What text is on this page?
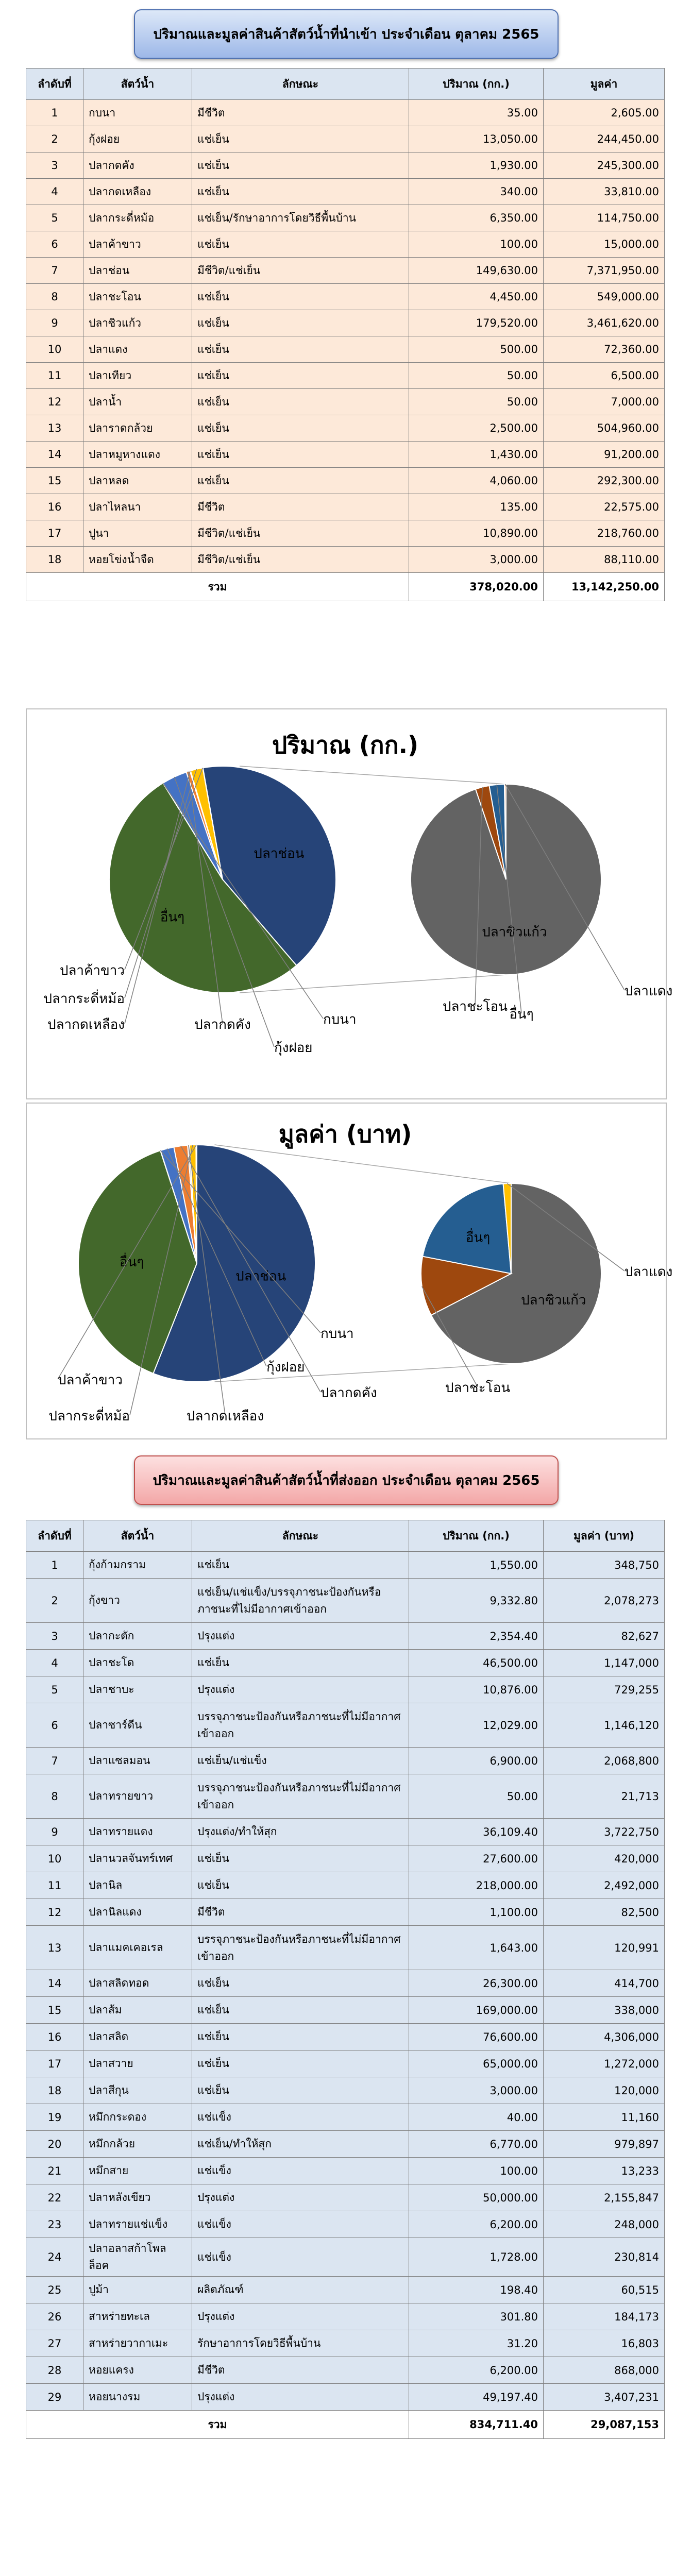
ปริมาณและมูลค่าสินค้าสัตว์น้ำที่นำเข้า ประจำเดือน ตุลาคม 2565
ลำดับที่	สัตว์น้ำ	ลักษณะ	ปริมาณ (กก.)	มูลค่า
1	กบนา	มีชีวิต	35.00	2,605.00
2	กุ้งฝอย	แช่เย็น	13,050.00	244,450.00
3	ปลากดคัง	แช่เย็น	1,930.00	245,300.00
4	ปลากดเหลือง	แช่เย็น	340.00	33,810.00
5	ปลากระดี่หม้อ	แช่เย็น/รักษาอาการโดยวิธีพื้นบ้าน	6,350.00	114,750.00
6	ปลาค้าขาว	แช่เย็น	100.00	15,000.00
7	ปลาช่อน	มีชีวิต/แช่เย็น	149,630.00	7,371,950.00
8	ปลาชะโอน	แช่เย็น	4,450.00	549,000.00
9	ปลาซิวแก้ว	แช่เย็น	179,520.00	3,461,620.00
10	ปลาแดง	แช่เย็น	500.00	72,360.00
11	ปลาเทียว	แช่เย็น	50.00	6,500.00
12	ปลาน้ำ	แช่เย็น	50.00	7,000.00
13	ปลาราดกล้วย	แช่เย็น	2,500.00	504,960.00
14	ปลาหมูหางแดง	แช่เย็น	1,430.00	91,200.00
15	ปลาหลด	แช่เย็น	4,060.00	292,300.00
16	ปลาไหลนา	มีชีวิต	135.00	22,575.00
17	ปูนา	มีชีวิต/แช่เย็น	10,890.00	218,760.00
18	หอยโข่งน้ำจืด	มีชีวิต/แช่เย็น	3,000.00	88,110.00
รวม			378,020.00	13,142,250.00
ปริมาณ (กก.)
ปลาช่อน
อื่นๆ
กบนา
กุ้งฝอย
ปลากดคัง
ปลากดเหลือง
ปลากระดี่หม้อ
ปลาค้าขาว
ปลาซิวแก้ว
ปลาชะโอน อื่นๆ
ปลาแดง
มูลค่า (บาท)
ปลาช่อน
อื่นๆ
กบนา
กุ้งฝอย
ปลากดคัง
ปลากดเหลือง
ปลากระดี่หม้อ
ปลาค้าขาว
ปลาซิวแก้ว
ปลาชะโอน
อื่นๆ
ปลาแดง
ปริมาณและมูลค่าสินค้าสัตว์น้ำที่ส่งออก ประจำเดือน ตุลาคม 2565
ลำดับที่	สัตว์น้ำ	ลักษณะ	ปริมาณ (กก.)	มูลค่า (บาท)
1	กุ้งก้ามกราม	แช่เย็น	1,550.00	348,750
2	กุ้งขาว	แช่เย็น/แช่แข็ง/บรรจุภาชนะป้องกันหรือภาชนะที่ไม่มีอากาศเข้าออก	9,332.80	2,078,273
3	ปลากะตัก	ปรุงแต่ง	2,354.40	82,627
4	ปลาชะโด	แช่เย็น	46,500.00	1,147,000
5	ปลาชาบะ	ปรุงแต่ง	10,876.00	729,255
6	ปลาซาร์ดีน	บรรจุภาชนะป้องกันหรือภาชนะที่ไม่มีอากาศเข้าออก	12,029.00	1,146,120
7	ปลาแซลมอน	แช่เย็น/แช่แข็ง	6,900.00	2,068,800
8	ปลาทรายขาว	บรรจุภาชนะป้องกันหรือภาชนะที่ไม่มีอากาศเข้าออก	50.00	21,713
9	ปลาทรายแดง	ปรุงแต่ง/ทำให้สุก	36,109.40	3,722,750
10	ปลานวลจันทร์เทศ	แช่เย็น	27,600.00	420,000
11	ปลานิล	แช่เย็น	218,000.00	2,492,000
12	ปลานิลแดง	มีชีวิต	1,100.00	82,500
13	ปลาแมคเคอเรล	บรรจุภาชนะป้องกันหรือภาชนะที่ไม่มีอากาศเข้าออก	1,643.00	120,991
14	ปลาสลิดทอด	แช่เย็น	26,300.00	414,700
15	ปลาส้ม	แช่เย็น	169,000.00	338,000
16	ปลาสลิด	แช่เย็น	76,600.00	4,306,000
17	ปลาสวาย	แช่เย็น	65,000.00	1,272,000
18	ปลาสีกุน	แช่เย็น	3,000.00	120,000
19	หมึกกระดอง	แช่แข็ง	40.00	11,160
20	หมึกกล้วย	แช่เย็น/ทำให้สุก	6,770.00	979,897
21	หมึกสาย	แช่แข็ง	100.00	13,233
22	ปลาหลังเขียว	ปรุงแต่ง	50,000.00	2,155,847
23	ปลาทรายแช่แข็ง	แช่แข็ง	6,200.00	248,000
24	ปลาอลาสก้าโพลล็อค	แช่แข็ง	1,728.00	230,814
25	ปูม้า	ผลิตภัณฑ์	198.40	60,515
26	สาหร่ายทะเล	ปรุงแต่ง	301.80	184,173
27	สาหร่ายวากาเมะ	รักษาอาการโดยวิธีพื้นบ้าน	31.20	16,803
28	หอยแครง	มีชีวิต	6,200.00	868,000
29	หอยนางรม	ปรุงแต่ง	49,197.40	3,407,231
รวม			834,711.40	29,087,153
